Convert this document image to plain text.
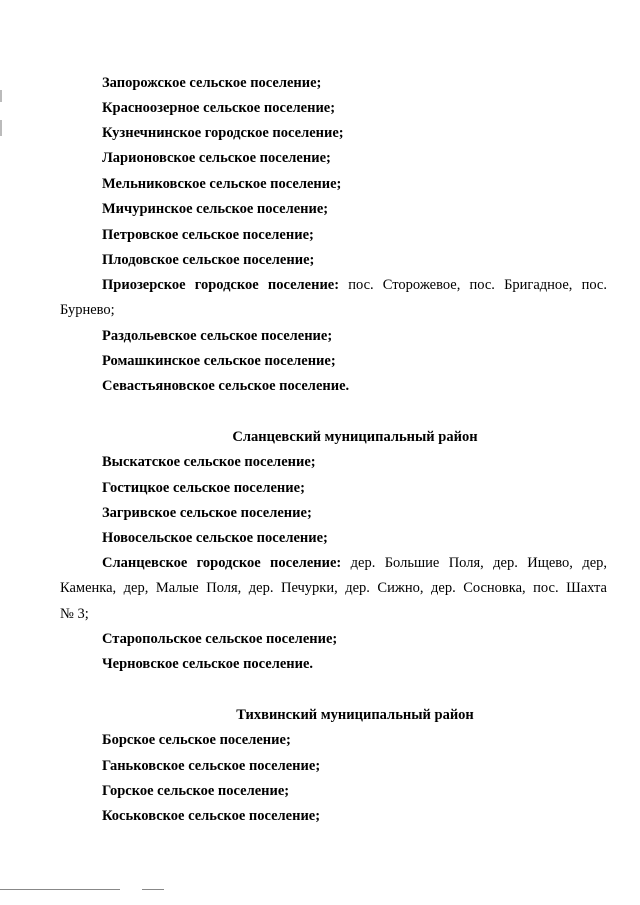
Запорожское сельское поселение;
Красноозерное сельское поселение;
Кузнечнинское городское поселение;
Ларионовское сельское поселение;
Мельниковское сельское поселение;
Мичуринское сельское поселение;
Петровское сельское поселение;
Плодовское сельское поселение;
Приозерское городское поселение: пос. Сторожевое, пос. Бригадное, пос.
Бурнево;
Раздольевское сельское поселение;
Ромашкинское сельское поселение;
Севастьяновское сельское поселение.
Сланцевский муниципальный район
Выскатское сельское поселение;
Гостицкое сельское поселение;
Загривское сельское поселение;
Новосельское сельское поселение;
Сланцевское городское поселение: дер. Большие Поля, дер. Ищево, дер,
Каменка, дер, Малые Поля, дер. Печурки, дер. Сижно, дер. Сосновка, пос. Шахта
№ 3;
Старопольское сельское поселение;
Черновское сельское поселение.
Тихвинский муниципальный район
Борское сельское поселение;
Ганьковское сельское поселение;
Горское сельское поселение;
Коськовское сельское поселение;
